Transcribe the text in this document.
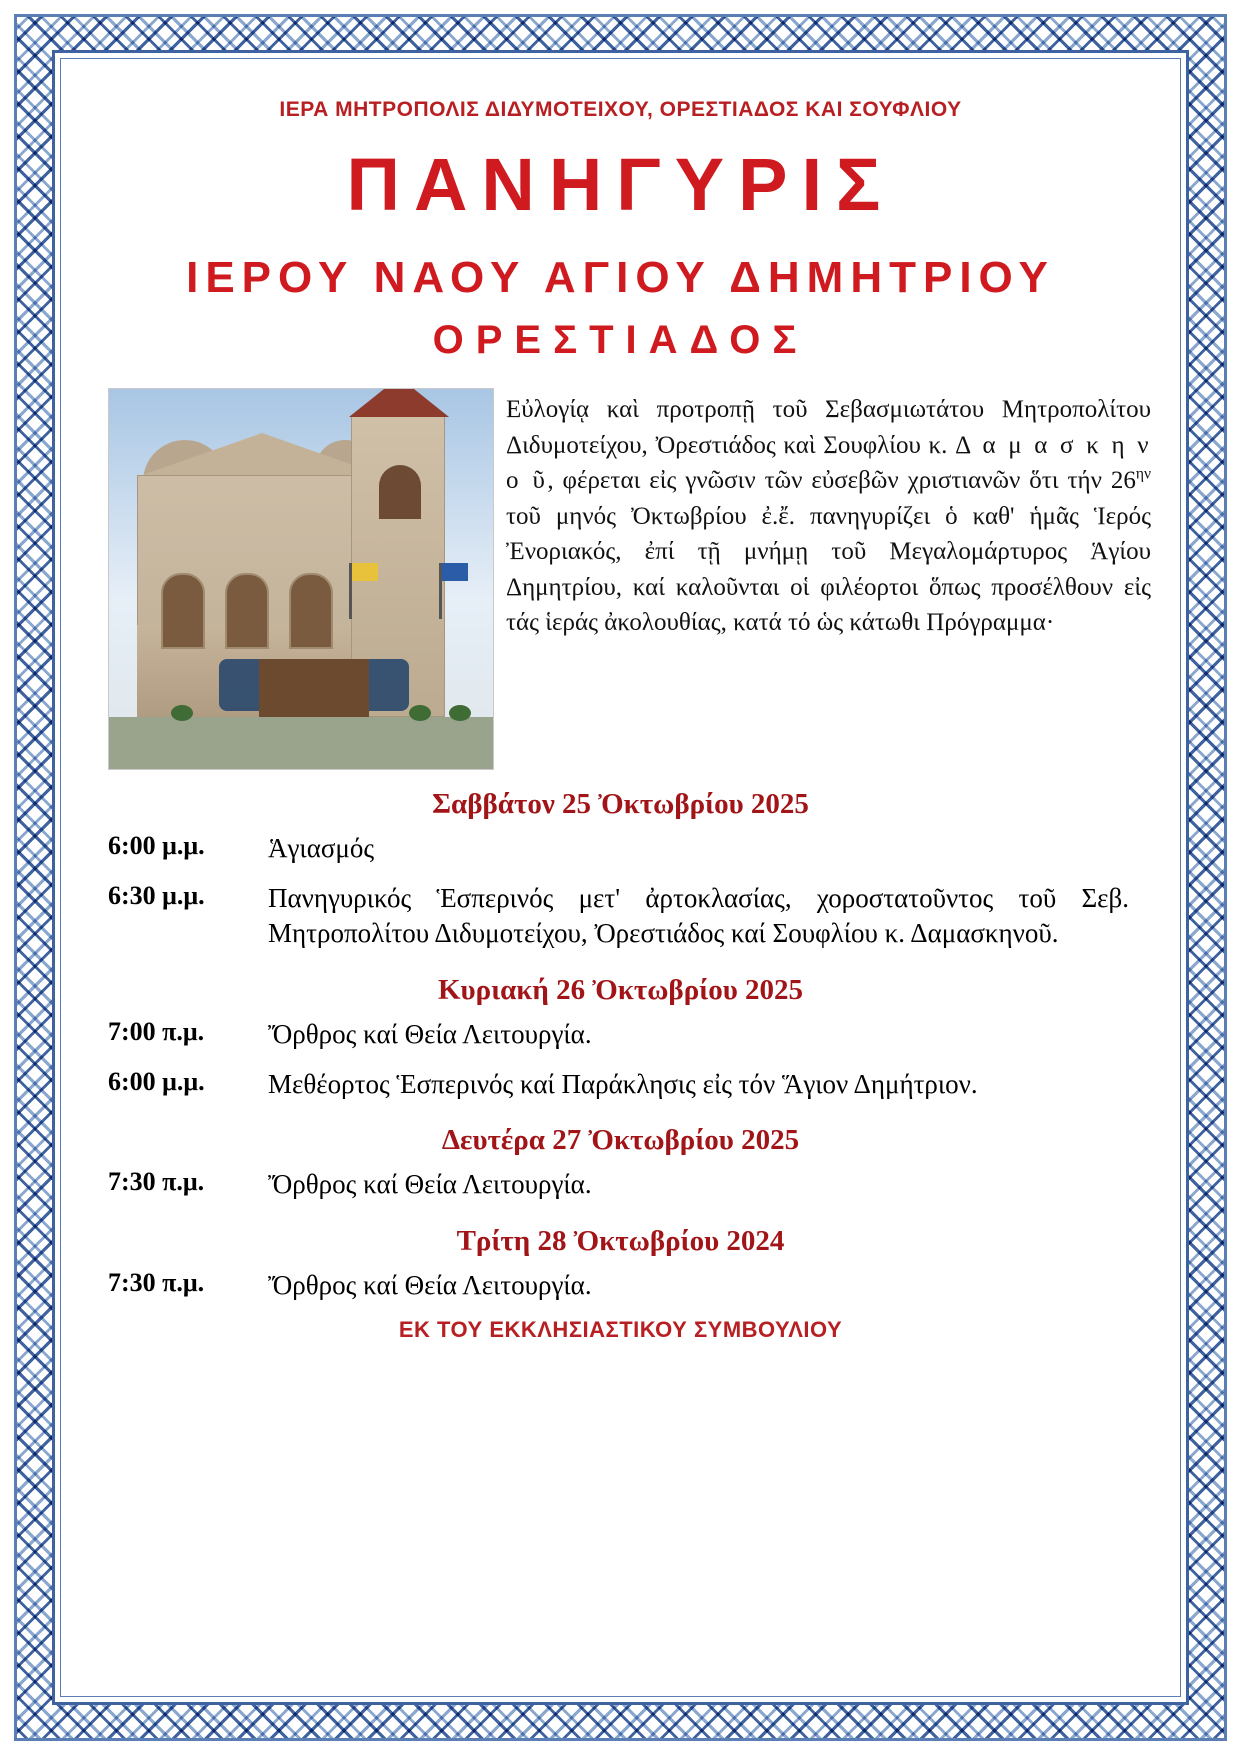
ΙΕΡΑ ΜΗΤΡΟΠΟΛΙΣ ΔΙΔΥΜΟΤΕΙΧΟΥ, ΟΡΕΣΤΙΑΔΟΣ ΚΑΙ ΣΟΥΦΛΙΟΥ
ΠΑΝΗΓΥΡΙΣ
ΙΕΡΟΥ ΝΑΟΥ ΑΓΙΟΥ ΔΗΜΗΤΡΙΟΥ
ΟΡΕΣΤΙΑΔΟΣ
Εὐλογίᾳ καὶ προτροπῇ τοῦ Σεβασμιωτάτου Μητροπολίτου Διδυμοτείχου, Ὀρεστιάδος καὶ Σουφλίου κ. Δ α μ α σ κ η ν ο ῦ, φέρεται εἰς γνῶσιν τῶν εὐσεβῶν χριστιανῶν ὅτι τήν $26^{\eta\nu}$ τοῦ μηνός Ὀκτωβρίου ἐ.ἔ. πανηγυρίζει ὁ καθ' ἡμᾶς Ἱερός Ἐνοριακός, ἐπί τῇ μνήμῃ τοῦ Μεγαλομάρτυρος Ἁγίου Δημητρίου, καί καλοῦνται οἱ φιλέορτοι ὅπως προσέλθουν εἰς τάς ἱεράς ἀκολουθίας, κατά τό ὡς κάτωθι Πρόγραμμα·
Σαββάτον 25 Ὀκτωβρίου 2025
6:00 μ.μ.	Ἁγιασμός
6:30 μ.μ.	Πανηγυρικός Ἑσπερινός μετ' ἀρτοκλασίας, χοροστατοῦντος τοῦ Σεβ. Μητροπολίτου Διδυμοτείχου, Ὀρεστιάδος καί Σουφλίου κ. Δαμασκηνοῦ.
Κυριακή 26 Ὀκτωβρίου 2025
7:00 π.μ.	Ὄρθρος καί Θεία Λειτουργία.
6:00 μ.μ.	Μεθέορτος Ἑσπερινός καί Παράκλησις εἰς τόν Ἅγιον Δημήτριον.
Δευτέρα 27 Ὀκτωβρίου 2025
7:30 π.μ.	Ὄρθρος καί Θεία Λειτουργία.
Τρίτη 28 Ὀκτωβρίου 2024
7:30 π.μ.	Ὄρθρος καί Θεία Λειτουργία.
ΕΚ ΤΟΥ ΕΚΚΛΗΣΙΑΣΤΙΚΟΥ ΣΥΜΒΟΥΛΙΟΥ
